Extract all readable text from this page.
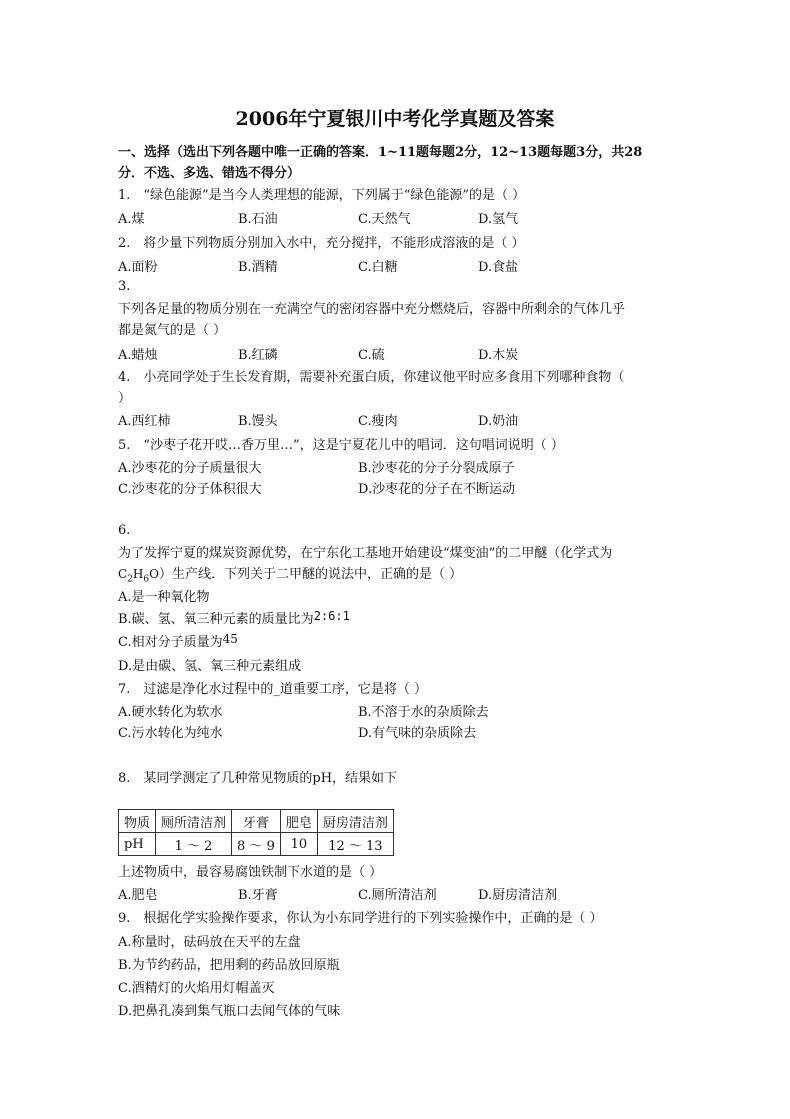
2006年宁夏银川中考化学真题及答案
一、选择（选出下列各题中唯一正确的答案．1~11题每题2分，12~13题每题3分，共28
分．不选、多选、错选不得分）
1.　“绿色能源”是当今人类理想的能源，下列属于“绿色能源”的是（ ）
A.煤	B.石油	C.天然气	D.氢气
2.　将少量下列物质分别加入水中，充分搅拌，不能形成溶液的是（ ）
A.面粉	B.酒精	C.白糖	D.食盐
3.
下列各足量的物质分别在一充满空气的密闭容器中充分燃烧后，容器中所剩余的气体几乎
都是氮气的是（ ）
A.蜡烛	B.红磷	C.硫	D.木炭
4.　小亮同学处于生长发育期，需要补充蛋白质，你建议他平时应多食用下列哪种食物（
）
A.西红柿	B.馒头	C.瘦肉	D.奶油
5.　“沙枣子花开哎…香万里…”，这是宁夏花儿中的唱词．这句唱词说明（ ）
A.沙枣花的分子质量很大	B.沙枣花的分子分裂成原子
C.沙枣花的分子体积很大	D.沙枣花的分子在不断运动
6.
为了发挥宁夏的煤炭资源优势，在宁东化工基地开始建设“煤变油”的二甲醚（化学式为
$C_2H_6O$）生产线．下列关于二甲醚的说法中，正确的是（ ）
A.是一种氧化物
B.碳、氢、氧三种元素的质量比为2:6:1
C.相对分子质量为45
D.是由碳、氢、氧三种元素组成
7.　过滤是净化水过程中的_道重要工序，它是将（ ）
A.硬水转化为软水	B.不溶于水的杂质除去
C.污水转化为纯水	D.有气味的杂质除去
8.　某同学测定了几种常见物质的pH，结果如下
物质	厕所清洁剂	牙膏	肥皂	厨房清洁剂
pH	1 ～ 2	8 ～ 9	10	12 ～ 13
上述物质中，最容易腐蚀铁制下水道的是（ ）
A.肥皂	B.牙膏	C.厕所清洁剂	D.厨房清洁剂
9.　根据化学实验操作要求，你认为小东同学进行的下列实验操作中，正确的是（ ）
A.称量时，砝码放在天平的左盘
B.为节约药品，把用剩的药品放回原瓶
C.酒精灯的火焰用灯帽盖灭
D.把鼻孔凑到集气瓶口去闻气体的气味
